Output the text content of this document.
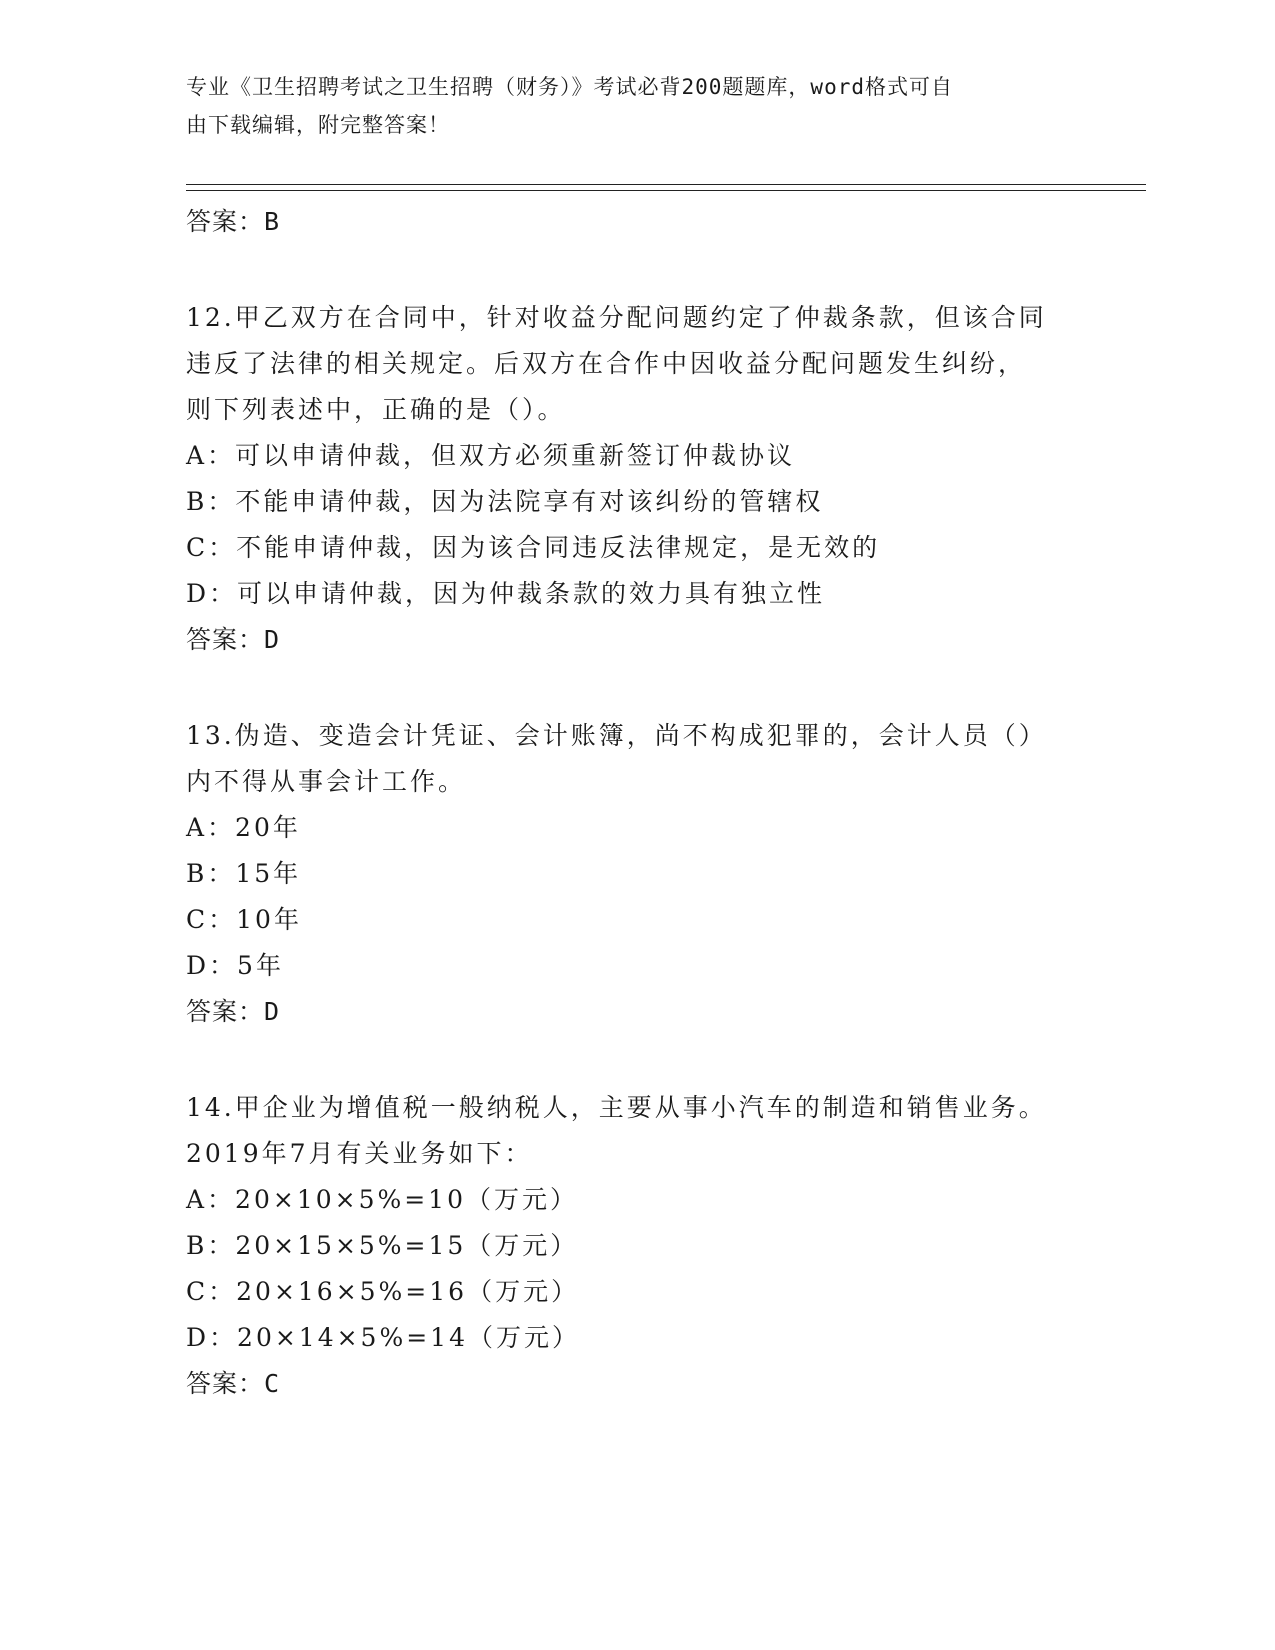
专业《卫生招聘考试之卫生招聘（财务）》考试必背200题题库，word格式可自
由下载编辑，附完整答案！

答案：B

12.甲乙双方在合同中，针对收益分配问题约定了仲裁条款，但该合同

违反了法律的相关规定。后双方在合作中因收益分配问题发生纠纷，

则下列表述中，正确的是（）。

A：可以申请仲裁，但双方必须重新签订仲裁协议

B：不能申请仲裁，因为法院享有对该纠纷的管辖权

C：不能申请仲裁，因为该合同违反法律规定，是无效的

D：可以申请仲裁，因为仲裁条款的效力具有独立性

答案：D

13.伪造、变造会计凭证、会计账簿，尚不构成犯罪的，会计人员（）

内不得从事会计工作。

A：20年

B：15年

C：10年

D：5年

答案：D

14.甲企业为增值税一般纳税人，主要从事小汽车的制造和销售业务。

2019年7月有关业务如下：

A：20×10×5%=10（万元）

B：20×15×5%=15（万元）

C：20×16×5%=16（万元）

D：20×14×5%=14（万元）

答案：C
